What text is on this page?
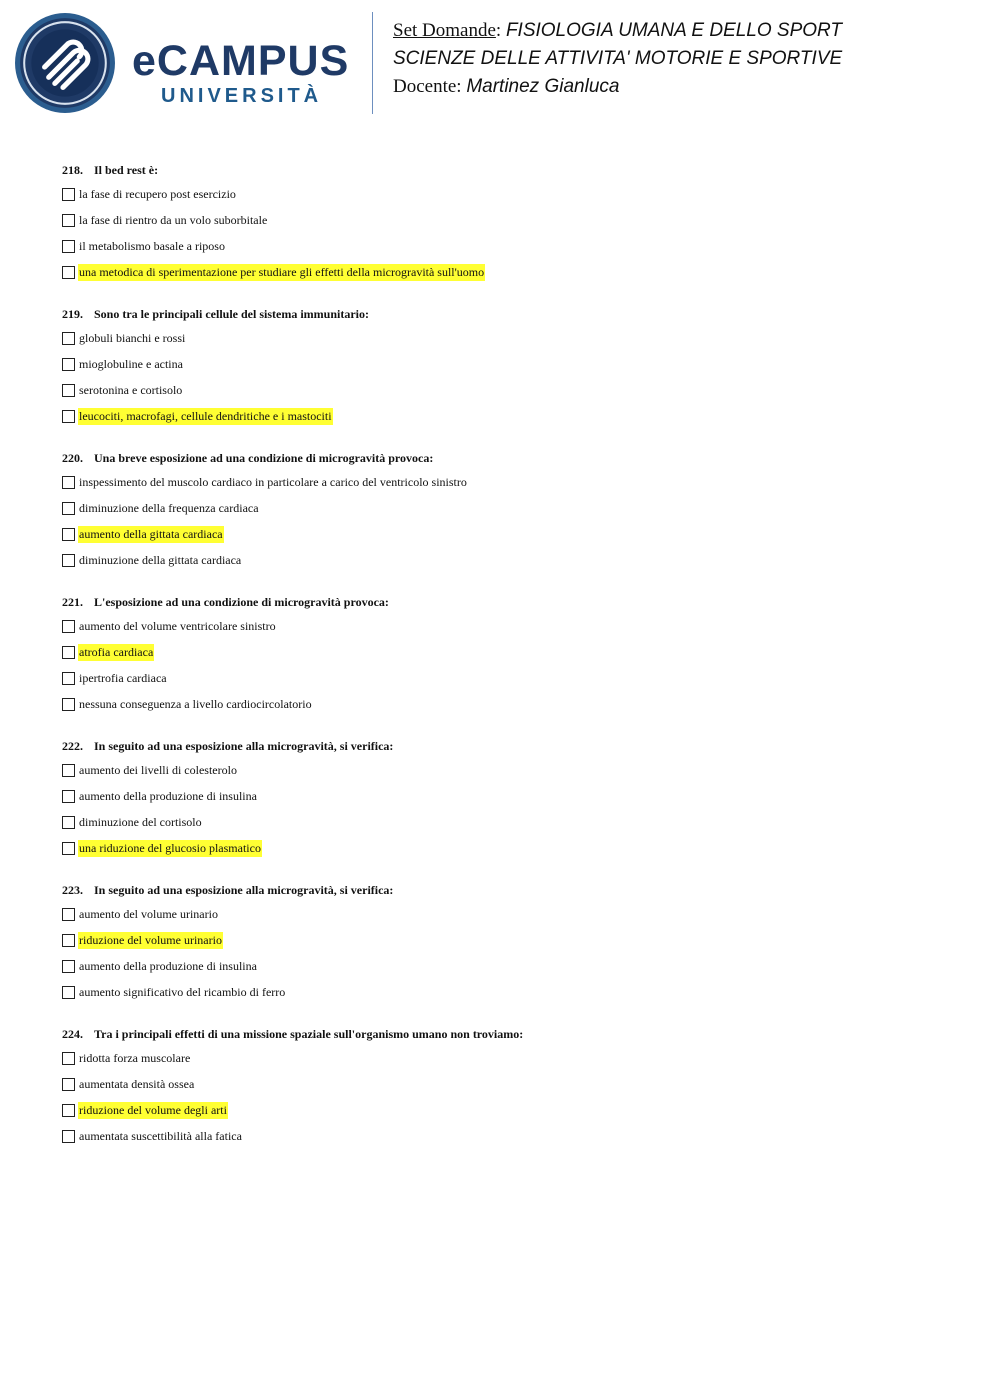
eCAMPUS
UNIVERSITÀ
Set Domande: FISIOLOGIA UMANA E DELLO SPORT
SCIENZE DELLE ATTIVITA' MOTORIE E SPORTIVE
Docente: Martinez Gianluca
218. Il bed rest è:
la fase di recupero post esercizio
la fase di rientro da un volo suborbitale
il metabolismo basale a riposo
una metodica di sperimentazione per studiare gli effetti della microgravità sull'uomo
219. Sono tra le principali cellule del sistema immunitario:
globuli bianchi e rossi
mioglobuline e actina
serotonina e cortisolo
leucociti, macrofagi, cellule dendritiche e i mastociti
220. Una breve esposizione ad una condizione di microgravità provoca:
inspessimento del muscolo cardiaco in particolare a carico del ventricolo sinistro
diminuzione della frequenza cardiaca
aumento della gittata cardiaca
diminuzione della gittata cardiaca
221. L'esposizione ad una condizione di microgravità provoca:
aumento del volume ventricolare sinistro
atrofia cardiaca
ipertrofia cardiaca
nessuna conseguenza a livello cardiocircolatorio
222. In seguito ad una esposizione alla microgravità, si verifica:
aumento dei livelli di colesterolo
aumento della produzione di insulina
diminuzione del cortisolo
una riduzione del glucosio plasmatico
223. In seguito ad una esposizione alla microgravità, si verifica:
aumento del volume urinario
riduzione del volume urinario
aumento della produzione di insulina
aumento significativo del ricambio di ferro
224. Tra i principali effetti di una missione spaziale sull'organismo umano non troviamo:
ridotta forza muscolare
aumentata densità ossea
riduzione del volume degli arti
aumentata suscettibilità alla fatica
